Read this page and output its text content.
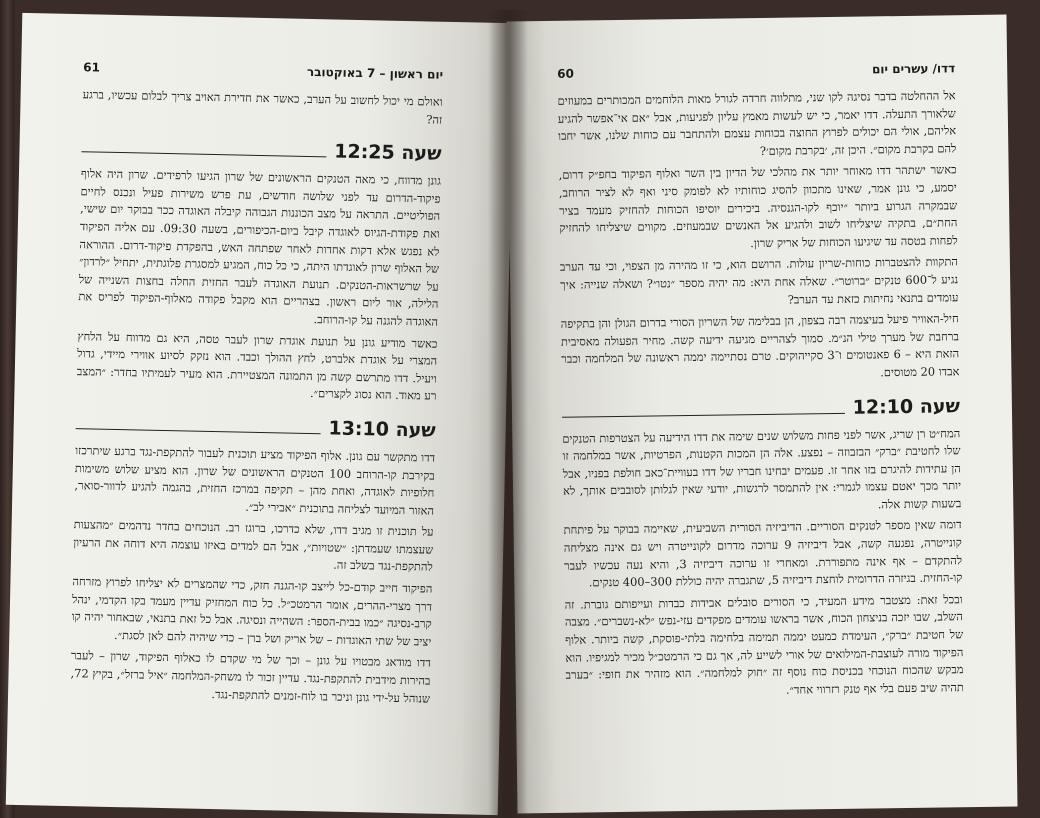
יום ראשון – 7 באוקטובר
61

ואולם מי יכול לחשוב על הערב, כאשר את חדירת האויב צריך לבלום עכשיו, ברגע זה?

שעה 12:25

גונן מדווח, כי מאה הטנקים הראשונים של שרון הגיעו לרפידים. שרון היה אלוף פיקוד-הדרום עד לפני שלושה חודשים, עת פרש משירות פעיל ונכנס לחיים הפוליטיים. התראה על מצב הכוננות הגבוהה קיבלה האוגדה ככר בבוקר יום שישי, ואת פקודת-הגיוס לאוגדה קיבל ביום-הכיפורים, בשעה 09:30. עם אליה הפיקוד לא נפגש אלא דקות אחדות לאחר שפתחה האש, בהפקדת פיקוד-דרום. ההוראה של האלוף שרון לאוגדתו היתה, כי כל כוח, המגיע למסגרת פלוגתית, יתחיל ״לרדון״ על שרשראות-הטנקים. תנועת האוגדה לעבר החזית החלה בחצות השנייה של הלילה, אור ליום ראשון. בצהריים הוא מקבל פקודה מאלוף-הפיקוד לפריס את האוגדה להגנה על קו-הרוחב.

כאשר מודיע גונן על תנועת אוגדת שרון לעבר טסה, היא גם מדווח על הלחץ המצרי על אוגדת אלברט, לחץ ההולך וכבד. הוא נזקק לסיוע אווירי מיידי, גדול ויעיל. דדו מתרשם קשה מן התמונה המצטיירת. הוא מעיר לעמיתיו בחדר: ״המצב רע מאוד. הוא נסוג לקצרים״.

שעה 13:10

דדו מתקשר עם גונן. אלוף הפיקוד מציע תוכנית לעבור להתקפת-נגד ברגע שיתרכזו בקירבת קו-הרוחב 100 הטנקים הראשונים של שרון. הוא מציע שלוש משימות חלופיות לאוגדה, ואחת מהן – תקיפה במרכז החזית, בהגמה להגיע לדוור-סואר, האזור המיועד לצליחה בתוכנית ״אבירי לב״.

על תוכנית זו מגיב דדו, שלא כדרכו, ברוגז רב. הנוכחים בחדר נדהמים ״מהצעות שעצמתו שעמדתן: ״שטויות״, אבל הם למדים באיזו עוצמה היא דוחה את הרעיון להתקפת-נגד בשלב זה.

הפיקוד חייב קודם-כל לייצב קו-הגנה חזק, כדי שהמצרים לא יצליחו לפרוץ מזרחה דרך מצרי-ההרים, אומר הרמטכ״ל. כל כוח המחזיק עדיין מעמד בקו הקדמי, ינהל קרב-נסיגה ״כמו בבית-הספר: השהייה ונסיגה. אבל כל זאת בתנאי, שבאחור יהיה קו יציב של שתי האוגדות – של אריק ושל ברן – כדי שיהיה להם לאן לסגת״.

דדו מודאג מבטויו על גונן – וכך של מי שקדם לו כאלוף הפיקוד, שרון – לעבר בהירות מידבית להתקפת-נגד. עדיין זכור לו משחק-המלחמה ״איל ברזל״, בקיץ 72, שנוהל על-ידי גונן וניכר בו לוח-זמנים להתקפת-נגד.

דדו/ עשרים יום
60

אל ההחלטה בדבר נסיגה לקו שני, מתלווה חרדה לגורל מאות הלוחמים המכותרים במעוזים שלאורך התעלה. דדו יאמר, כי יש לעשות מאמץ עליון לפגיעות, אבל ״אם אי־אפשר להגיע אליהם, אולי הם יכולים לפרוץ החוצה בכוחות עצמם ולהתחבר עם כוחות שלנו, אשר יחבו להם בקרבת מקום״. היכן זה, ׳בקרבת מקום׳?

כאשר ישתהר דדו מאוחר יותר את מהלכי של הדיון בין השר ואלוף הפיקוד בחפ״ק דרום, יסמע, כי גונן אמר, שאינו מתכוון להסיג כוחותיו לא לפומק סיני ואף לא לציר הרוחב, שבמקרה הגרוע ביותר ״יוכף לקו-הגנסיה. ביכירים יוסיפו הכוחות להחזיק מעמד בציר החת״ם, בתקיה שיצליחו לשוב ולהגיע אל האנשים שבמעוזים. מקווים שיצליחו להחזיק לפחות בטסה עד שיגיעו הכוחות של אריק שרון.

התקוות להצטברות כוחות-שריון עולות. הרושם הוא, כי זו מהירה מן הצפוי, וכי עד הערב נגיע ל־600 טנקים ״ברוטר״. שאלה אחת היא: מה יהיה מספר ״נטו״? ושאלה שנייה: איך עומדים בתנאי נחיתות כזאת עד הערב?

חיל-האוויר פיעל בעיצמה רבה בצפון, הן בבלימה של השריון הסורי בדרום הגולן והן בתקיפה ברחבת של מערך טילי הנ״מ. סמוך לצהריים מגיעה ידיעה קשה. מחיר הפעולה מאסיבית הזאת היא – 6 פאנטומים ו־3 סקייהוקים. טרם נסתיימה יממה ראשונה של המלחמה וכבר אבדו 20 מטוסים.

שעה 12:10

המח״ט רן שריג, אשר לפני פחות משלוש שנים שימה את דדו הידיעה על הצטרפות הטנקים שלו לחטיבת ״ברק״ הבזבוזה – נפצע. אלה הן המכות הקטנות, הפרטיות, אשר במלחמה זו הן עתידות להיגרם בזו אחר זו. פעמים יבחינו חבריו של דדו בעוויית־כאב חולפת בפניו, אבל יותר מכך יאטם עצמו לגמרי: אין להתמסר לרגשות, יודעי שאין לגלותן לסובבים אותך, לא בשעות קשות אלה.

דומה שאין מספר לטנקים הסוריים. הדיביזיה הסורית השביעית, שאיימה בבוקר על פיתחת קונייטרה, נפגעה קשה, אבל דיביזיה 9 ערוכה מדרום לקונייטרה ויש גם אינה מצליחה להתקדם – אף אינה מתפוררת. ומאחרי זו ערוכה דיביזיה 3, והיא נעה עכשיו לעבר קו-החזית. בגיזרה הדרומית לוחצת דיביזיה 5, שתגברה יהיה כוללת 300–400 טנקים.

ובכל זאת: מצטבר מידע המעיד, כי הסורים סובלים אבידות כבדות ועייפותם גוברת. זה השלב, שבו יזכה בניצחון הכוח, אשר בראשו עומדים מפקדים עזי-נפש ״לא-נשברים״. מצבה של חטיבת ״ברק״, העימדת כמעט יממה תמימה בלחימה בלתי-פוסקת, קשה ביותר. אלוף הפיקוד מורה לעוצבת-המילואים של אורי לשייע לה, אך גם כי הרמטכ״ל מכיר למגיפיו. הוא מבקש שהכוח הנוכחי בכניסת כוח נוסף זה ״חוק למלחמה״. הוא מזהיר את חופי: ״בערב תהיה שיב פעם בלי אף טנק רזרווי אחד״.
